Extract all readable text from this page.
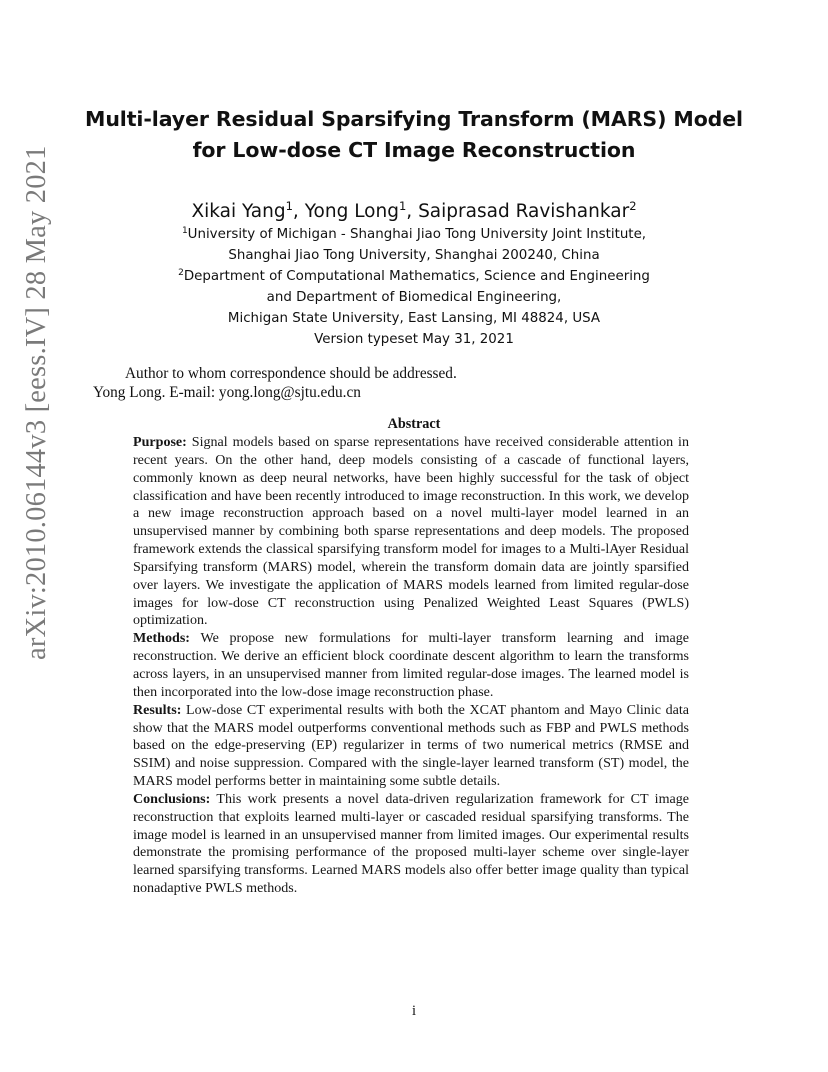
arXiv:2010.06144v3 [eess.IV] 28 May 2021
Multi-layer Residual Sparsifying Transform (MARS) Model
for Low-dose CT Image Reconstruction
Xikai Yang$^1$, Yong Long$^1$, Saiprasad Ravishankar$^2$
$^1$University of Michigan - Shanghai Jiao Tong University Joint Institute,
Shanghai Jiao Tong University, Shanghai 200240, China
$^2$Department of Computational Mathematics, Science and Engineering
and Department of Biomedical Engineering,
Michigan State University, East Lansing, MI 48824, USA
Version typeset May 31, 2021
Author to whom correspondence should be addressed.
Yong Long. E-mail: yong.long@sjtu.edu.cn
Abstract

Purpose: Signal models based on sparse representations have received considerable attention in recent years. On the other hand, deep models consisting of a cascade of functional layers, commonly known as deep neural networks, have been highly successful for the task of object classification and have been recently introduced to image reconstruction. In this work, we develop a new image reconstruction approach based on a novel multi-layer model learned in an unsupervised manner by combining both sparse representations and deep models. The proposed framework extends the classical sparsifying transform model for images to a Multi-lAyer Residual Sparsifying transform (MARS) model, wherein the transform domain data are jointly sparsified over layers. We investigate the application of MARS models learned from limited regular-dose images for low-dose CT reconstruction using Penalized Weighted Least Squares (PWLS) optimization.

Methods: We propose new formulations for multi-layer transform learning and image reconstruction. We derive an efficient block coordinate descent algorithm to learn the transforms across layers, in an unsupervised manner from limited regular-dose images. The learned model is then incorporated into the low-dose image reconstruction phase.

Results: Low-dose CT experimental results with both the XCAT phantom and Mayo Clinic data show that the MARS model outperforms conventional methods such as FBP and PWLS methods based on the edge-preserving (EP) regularizer in terms of two numerical metrics (RMSE and SSIM) and noise suppression. Compared with the single-layer learned transform (ST) model, the MARS model performs better in maintaining some subtle details.

Conclusions: This work presents a novel data-driven regularization framework for CT image reconstruction that exploits learned multi-layer or cascaded residual sparsifying transforms. The image model is learned in an unsupervised manner from limited images. Our experimental results demonstrate the promising performance of the proposed multi-layer scheme over single-layer learned sparsifying transforms. Learned MARS models also offer better image quality than typical nonadaptive PWLS methods.

i
